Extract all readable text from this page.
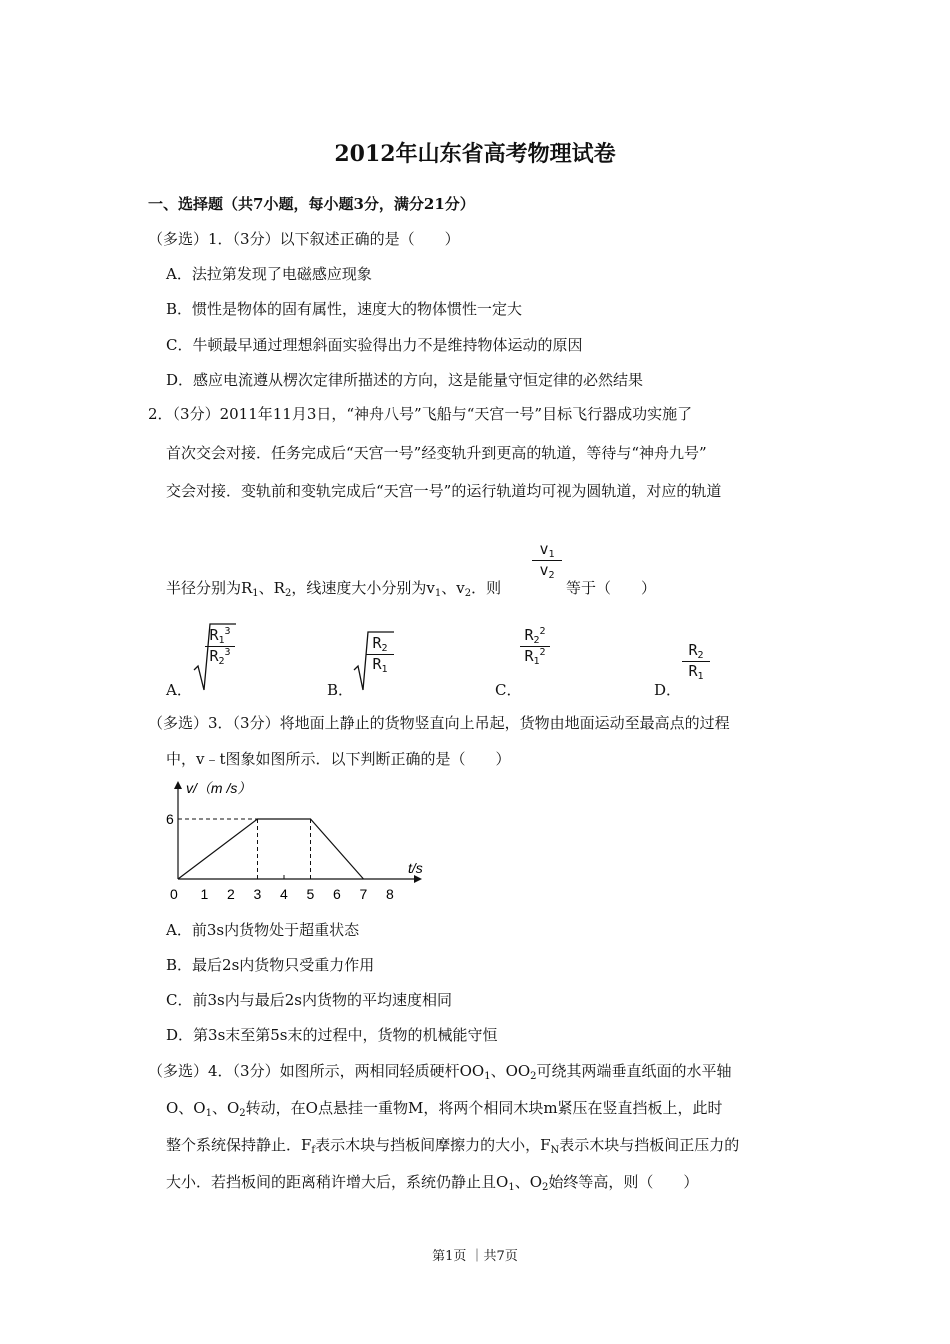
2012年山东省高考物理试卷
一、选择题（共7小题，每小题3分，满分21分）
（多选）1．（3分）以下叙述正确的是（　　）
A．法拉第发现了电磁感应现象
B．惯性是物体的固有属性，速度大的物体惯性一定大
C．牛顿最早通过理想斜面实验得出力不是维持物体运动的原因
D．感应电流遵从楞次定律所描述的方向，这是能量守恒定律的必然结果
2．（3分）2011年11月3日，“神舟八号”飞船与“天宫一号”目标飞行器成功实施了
首次交会对接．任务完成后“天宫一号”经变轨升到更高的轨道，等待与“神舟九号”
交会对接．变轨前和变轨完成后“天宫一号”的运行轨道均可视为圆轨道，对应的轨道
半径分别为$R_1$、$R_2$，线速度大小分别为$v_1$、$v_2$．则
$\frac{v_1}{v_2}$
等于（　　）
A．
$\frac{R_1^3}{R_2^3}$
B．
$\frac{R_2}{R_1}$
C．
$\frac{R_2^2}{R_1^2}$
D．
$\frac{R_2}{R_1}$
（多选）3．（3分）将地面上静止的货物竖直向上吊起，货物由地面运动至最高点的过程
中，v﹣t图象如图所示．以下判断正确的是（　　）
v/（m /s）
t/s
0 1 2 3 4 5 6 7 8
6
A．前3s内货物处于超重状态
B．最后2s内货物只受重力作用
C．前3s内与最后2s内货物的平均速度相同
D．第3s末至第5s末的过程中，货物的机械能守恒
（多选）4．（3分）如图所示，两相同轻质硬杆$OO_1$、$OO_2$可绕其两端垂直纸面的水平轴
O、$O_1$、$O_2$转动，在O点悬挂一重物M，将两个相同木块m紧压在竖直挡板上，此时
整个系统保持静止．$F_f$表示木块与挡板间摩擦力的大小，$F_N$表示木块与挡板间正压力的
大小．若挡板间的距离稍许增大后，系统仍静止且$O_1$、$O_2$始终等高，则（　　）
第1页 ｜共7页
